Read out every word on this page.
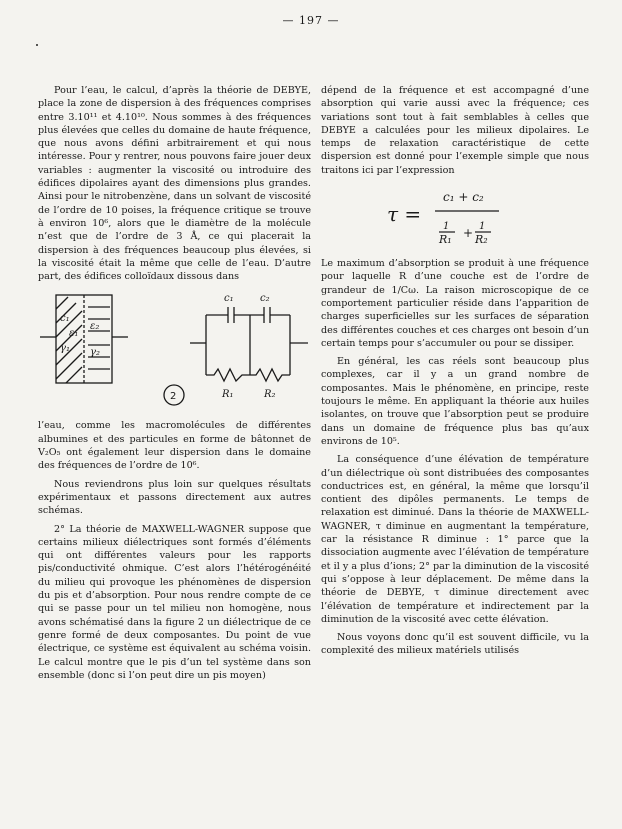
— 197 —

Pour l’eau, le calcul, d’après la théorie de DEBYE, place la zone de dispersion à des fréquences comprises entre 3.10¹¹ et 4.10¹⁰. Nous sommes à des fréquences plus élevées que celles du domaine de haute fréquence, que nous avons défini arbitrairement et qui nous intéresse. Pour y rentrer, nous pouvons faire jouer deux variables : augmenter la viscosité ou introduire des édifices dipolaires ayant des dimensions plus grandes. Ainsi pour le nitrobenzène, dans un solvant de viscosité de l’ordre de 10 poises, la fréquence critique se trouve à environ 10⁶, alors que le diamètre de la molécule n’est que de l’ordre de 3 Å, ce qui placerait la dispersion à des fréquences beaucoup plus élevées, si la viscosité était la même que celle de l’eau. D’autre part, des édifices colloïdaux dissous dans

c₁
γ₁
ε₂
γ₂
ε₁
c₁	c₂
R₁	R₂
2

l’eau, comme les macromolécules de différentes albumines et des particules en forme de bâtonnet de V₂O₅ ont également leur dispersion dans le domaine des fréquences de l’ordre de 10⁶.

Nous reviendrons plus loin sur quelques résultats expérimentaux et passons directement aux autres schémas.

2° La théorie de MAXWELL-WAGNER suppose que certains milieux diélectriques sont formés d’éléments qui ont différentes valeurs pour les rapports pis/conductivité ohmique. C’est alors l’hétérogénéité du milieu qui provoque les phénomènes de dispersion du pis et d’absorption. Pour nous rendre compte de ce qui se passe pour un tel milieu non homogène, nous avons schématisé dans la figure 2 un diélectrique de ce genre formé de deux composantes. Du point de vue électrique, ce système est équivalent au schéma voisin. Le calcul montre que le pis d’un tel système dans son ensemble (donc si l’on peut dire un pis moyen)

dépend de la fréquence et est accompagné d’une absorption qui varie aussi avec la fréquence; ces variations sont tout à fait semblables à celles que DEBYE a calculées pour les milieux dipolaires. Le temps de relaxation caractéristique de cette dispersion est donné pour l’exemple simple que nous traitons ici par l’expression

τ =
c₁ + c₂
1
R₁ + 1
R₂

Le maximum d’absorption se produit à une fréquence pour laquelle R d’une couche est de l’ordre de grandeur de 1/Cω. La raison microscopique de ce comportement particulier réside dans l’apparition de charges superficielles sur les surfaces de séparation des différentes couches et ces charges ont besoin d’un certain temps pour s’accumuler ou pour se dissiper.

En général, les cas réels sont beaucoup plus complexes, car il y a un grand nombre de composantes. Mais le phénomène, en principe, reste toujours le même. En appliquant la théorie aux huiles isolantes, on trouve que l’absorption peut se produire dans un domaine de fréquence plus bas qu’aux environs de 10⁵.

La conséquence d’une élévation de température d’un diélectrique où sont distribuées des composantes conductrices est, en général, la même que lorsqu’il contient des dipôles permanents. Le temps de relaxation est diminué. Dans la théorie de MAXWELL-WAGNER, τ diminue en augmentant la température, car la résistance R diminue : 1° parce que la dissociation augmente avec l’élévation de température et il y a plus d’ions; 2° par la diminution de la viscosité qui s’oppose à leur déplacement. De même dans la théorie de DEBYE, τ diminue directement avec l’élévation de température et indirectement par la diminution de la viscosité avec cette élévation.

Nous voyons donc qu’il est souvent difficile, vu la complexité des milieux matériels utilisés
